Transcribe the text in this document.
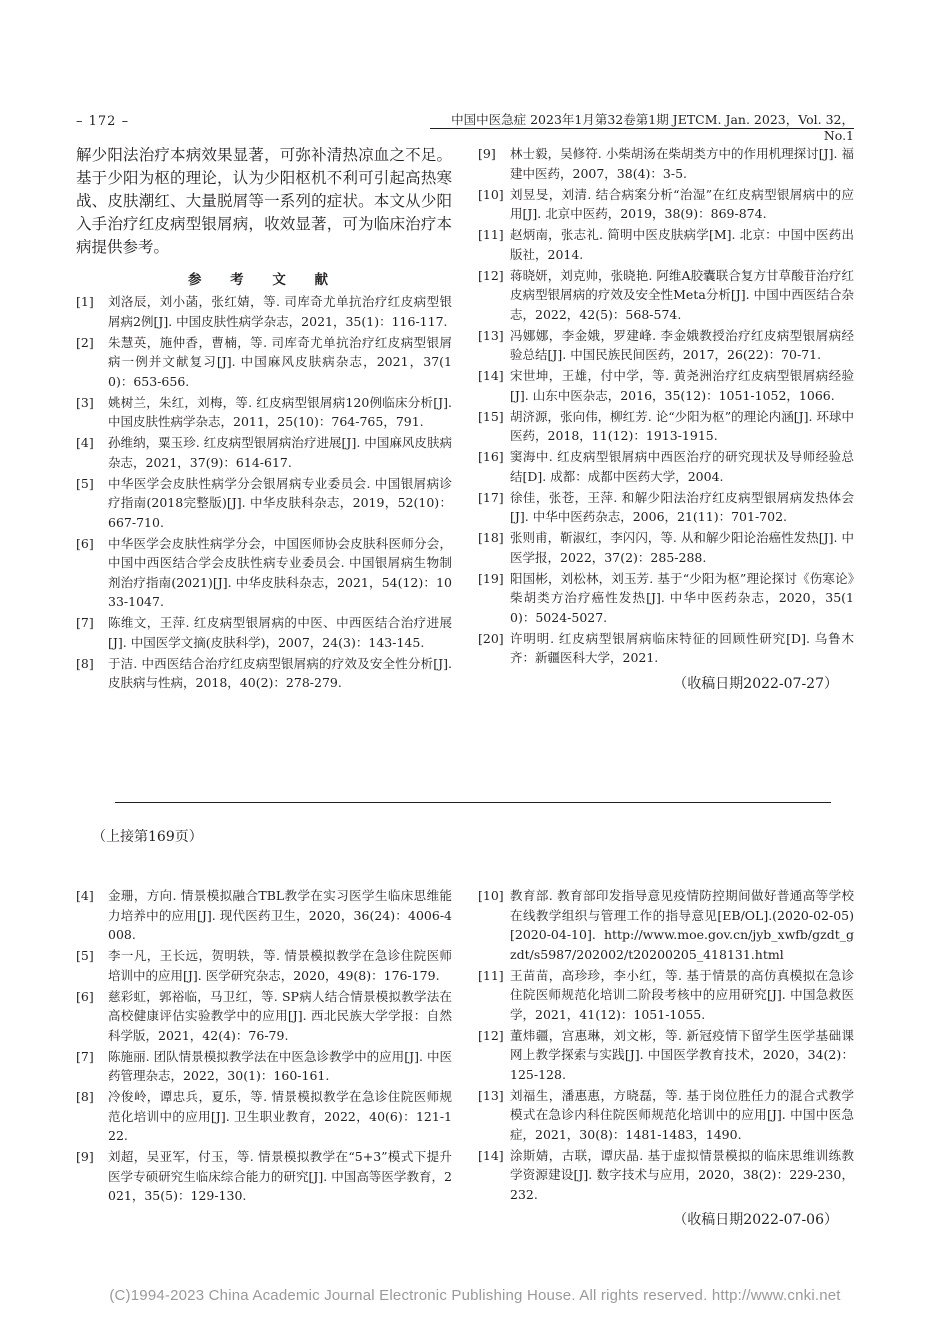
– 172 –	中国中医急症 2023年1月第32卷第1期 JETCM. Jan. 2023，Vol. 32，No.1

解少阳法治疗本病效果显著，可弥补清热凉血之不足。基于少阳为枢的理论，认为少阳枢机不利可引起高热寒战、皮肤潮红、大量脱屑等一系列的症状。本文从少阳入手治疗红皮病型银屑病，收效显著，可为临床治疗本病提供参考。

参 考 文 献
[1]	刘洛辰，刘小菡，张红婧，等. 司库奇尤单抗治疗红皮病型银屑病2例[J]. 中国皮肤性病学杂志，2021，35(1)：116-117.
[2]	朱慧英，施仲香，曹楠，等. 司库奇尤单抗治疗红皮病型银屑病一例并文献复习[J]. 中国麻风皮肤病杂志，2021，37(10)：653-656.
[3]	姚树兰，朱红，刘梅，等. 红皮病型银屑病120例临床分析[J]. 中国皮肤性病学杂志，2011，25(10)：764-765，791.
[4]	孙维纳，粟玉珍. 红皮病型银屑病治疗进展[J]. 中国麻风皮肤病杂志，2021，37(9)：614-617.
[5]	中华医学会皮肤性病学分会银屑病专业委员会. 中国银屑病诊疗指南(2018完整版)[J]. 中华皮肤科杂志，2019，52(10)：667-710.
[6]	中华医学会皮肤性病学分会，中国医师协会皮肤科医师分会，中国中西医结合学会皮肤性病专业委员会. 中国银屑病生物制剂治疗指南(2021)[J]. 中华皮肤科杂志，2021，54(12)：1033-1047.
[7]	陈维文，王萍. 红皮病型银屑病的中医、中西医结合治疗进展[J]. 中国医学文摘(皮肤科学)，2007，24(3)：143-145.
[8]	于洁. 中西医结合治疗红皮病型银屑病的疗效及安全性分析[J]. 皮肤病与性病，2018，40(2)：278-279.
[9]	林士毅，吴修符. 小柴胡汤在柴胡类方中的作用机理探讨[J]. 福建中医药，2007，38(4)：3-5.
[10] 刘昱旻，刘清. 结合病案分析“治湿”在红皮病型银屑病中的应用[J]. 北京中医药，2019，38(9)：869-874.
[11] 赵炳南，张志礼. 简明中医皮肤病学[M]. 北京：中国中医药出版社，2014.
[12] 蒋晓妍，刘克帅，张晓艳. 阿维A胶囊联合复方甘草酸苷治疗红皮病型银屑病的疗效及安全性Meta分析[J]. 中国中西医结合杂志，2022，42(5)：568-574.
[13] 冯娜娜，李金娥，罗建峰. 李金娥教授治疗红皮病型银屑病经验总结[J]. 中国民族民间医药，2017，26(22)：70-71.
[14] 宋世坤，王雄，付中学，等. 黄尧洲治疗红皮病型银屑病经验[J]. 山东中医杂志，2016，35(12)：1051-1052，1066.
[15] 胡济源，张向伟，柳红芳. 论“少阳为枢”的理论内涵[J]. 环球中医药，2018，11(12)：1913-1915.
[16] 窦海中. 红皮病型银屑病中西医治疗的研究现状及导师经验总结[D]. 成都：成都中医药大学，2004.
[17] 徐佳，张苍，王萍. 和解少阳法治疗红皮病型银屑病发热体会[J]. 中华中医药杂志，2006，21(11)：701-702.
[18] 张则甫，靳淑红，李闪闪，等. 从和解少阳论治癌性发热[J]. 中医学报，2022，37(2)：285-288.
[19] 阳国彬，刘松林，刘玉芳. 基于“少阳为枢”理论探讨《伤寒论》柴胡类方治疗癌性发热[J]. 中华中医药杂志，2020，35(10)：5024-5027.
[20] 许明明. 红皮病型银屑病临床特征的回顾性研究[D]. 乌鲁木齐：新疆医科大学，2021.
（收稿日期2022-07-27）
（上接第169页）
[4]	金珊，方向. 情景模拟融合TBL教学在实习医学生临床思维能力培养中的应用[J]. 现代医药卫生，2020，36(24)：4006-4008.
[5]	李一凡，王长远，贺明轶，等. 情景模拟教学在急诊住院医师培训中的应用[J]. 医学研究杂志，2020，49(8)：176-179.
[6]	慈彩虹，郭裕临，马卫红，等. SP病人结合情景模拟教学法在高校健康评估实验教学中的应用[J]. 西北民族大学学报：自然科学版，2021，42(4)：76-79.
[7]	陈施丽. 团队情景模拟教学法在中医急诊教学中的应用[J]. 中医药管理杂志，2022，30(1)：160-161.
[8]	冷俊岭，谭忠兵，夏乐，等. 情景模拟教学在急诊住院医师规范化培训中的应用[J]. 卫生职业教育，2022，40(6)：121-122.
[9]	刘超，吴亚军，付玉，等. 情景模拟教学在“5+3”模式下提升医学专硕研究生临床综合能力的研究[J]. 中国高等医学教育，2021，35(5)：129-130.
[10] 教育部. 教育部印发指导意见疫情防控期间做好普通高等学校在线教学组织与管理工作的指导意见[EB/OL].(2020-02-05)[2020-04-10]. http://www.moe.gov.cn/jyb_xwfb/gzdt_gzdt/s5987/202002/t20200205_418131.html
[11] 王苗苗，高珍珍，李小红，等. 基于情景的高仿真模拟在急诊住院医师规范化培训二阶段考核中的应用研究[J]. 中国急救医学，2021，41(12)：1051-1055.
[12] 董炜疆，宫惠琳，刘文彬，等. 新冠疫情下留学生医学基础课网上教学探索与实践[J]. 中国医学教育技术，2020，34(2)：125-128.
[13] 刘福生，潘惠惠，方晓磊，等. 基于岗位胜任力的混合式教学模式在急诊内科住院医师规范化培训中的应用[J]. 中国中医急症，2021，30(8)：1481-1483，1490.
[14] 涂斯婧，古联，谭庆晶. 基于虚拟情景模拟的临床思维训练教学资源建设[J]. 数字技术与应用，2020，38(2)：229-230，232.
（收稿日期2022-07-06）
(C)1994-2023 China Academic Journal Electronic Publishing House. All rights reserved. http://www.cnki.net
